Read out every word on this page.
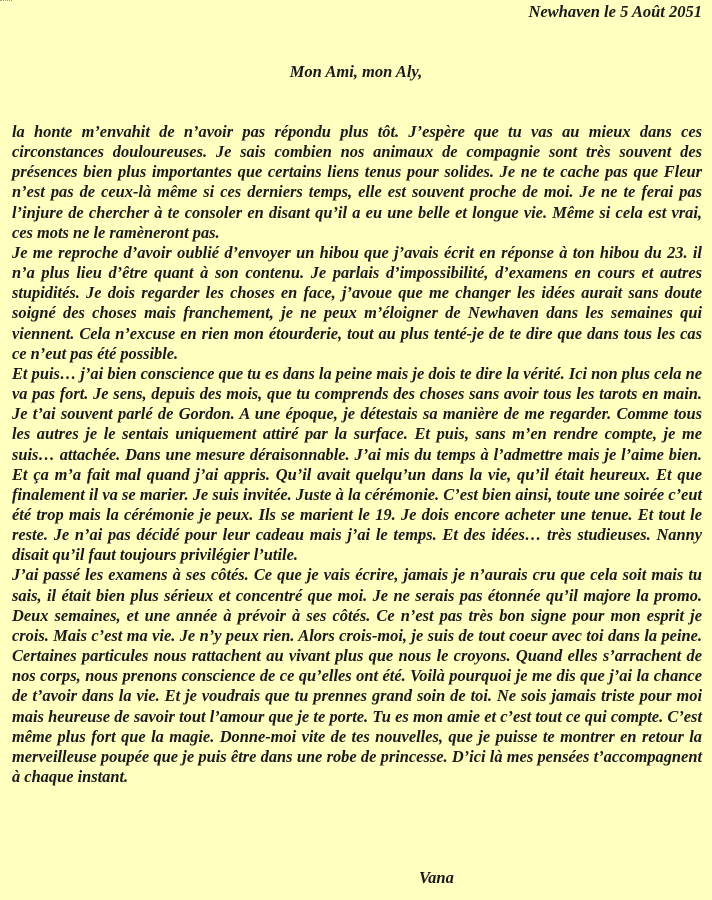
Newhaven le 5 Août 2051
Mon Ami, mon Aly,

la honte m’envahit de n’avoir pas répondu plus tôt. J’espère que tu vas au mieux dans ces circonstances douloureuses. Je sais combien nos animaux de compagnie sont très souvent des présences bien plus importantes que certains liens tenus pour solides. Je ne te cache pas que Fleur n’est pas de ceux-là même si ces derniers temps, elle est souvent proche de moi. Je ne te ferai pas l’injure de chercher à te consoler en disant qu’il a eu une belle et longue vie. Même si cela est vrai, ces mots ne le ramèneront pas.

Je me reproche d’avoir oublié d’envoyer un hibou que j’avais écrit en réponse à ton hibou du 23. il n’a plus lieu d’être quant à son contenu. Je parlais d’impossibilité, d’examens en cours et autres stupidités. Je dois regarder les choses en face, j’avoue que me changer les idées aurait sans doute soigné des choses mais franchement, je ne peux m’éloigner de Newhaven dans les semaines qui viennent. Cela n’excuse en rien mon étourderie, tout au plus tenté-je de te dire que dans tous les cas ce n’eut pas été possible.

Et puis… j’ai bien conscience que tu es dans la peine mais je dois te dire la vérité. Ici non plus cela ne va pas fort. Je sens, depuis des mois, que tu comprends des choses sans avoir tous les tarots en main. Je t’ai souvent parlé de Gordon. A une époque, je détestais sa manière de me regarder. Comme tous les autres je le sentais uniquement attiré par la surface. Et puis, sans m’en rendre compte, je me suis… attachée. Dans une mesure déraisonnable. J’ai mis du temps à l’admettre mais je l’aime bien. Et ça m’a fait mal quand j’ai appris. Qu’il avait quelqu’un dans la vie, qu’il était heureux. Et que finalement il va se marier. Je suis invitée. Juste à la cérémonie. C’est bien ainsi, toute une soirée c’eut été trop mais la cérémonie je peux. Ils se marient le 19. Je dois encore acheter une tenue. Et tout le reste. Je n’ai pas décidé pour leur cadeau mais j’ai le temps. Et des idées… très studieuses. Nanny disait qu’il faut toujours privilégier l’utile.

J’ai passé les examens à ses côtés. Ce que je vais écrire, jamais je n’aurais cru que cela soit mais tu sais, il était bien plus sérieux et concentré que moi. Je ne serais pas étonnée qu’il majore la promo. Deux semaines, et une année à prévoir à ses côtés. Ce n’est pas très bon signe pour mon esprit je crois. Mais c’est ma vie. Je n’y peux rien. Alors crois-moi, je suis de tout coeur avec toi dans la peine. Certaines particules nous rattachent au vivant plus que nous le croyons. Quand elles s’arrachent de nos corps, nous prenons conscience de ce qu’elles ont été. Voilà pourquoi je me dis que j’ai la chance de t’avoir dans la vie. Et je voudrais que tu prennes grand soin de toi. Ne sois jamais triste pour moi mais heureuse de savoir tout l’amour que je te porte. Tu es mon amie et c’est tout ce qui compte. C’est même plus fort que la magie. Donne-moi vite de tes nouvelles, que je puisse te montrer en retour la merveilleuse poupée que je puis être dans une robe de princesse. D’ici là mes pensées t’accompagnent à chaque instant.

Vana
